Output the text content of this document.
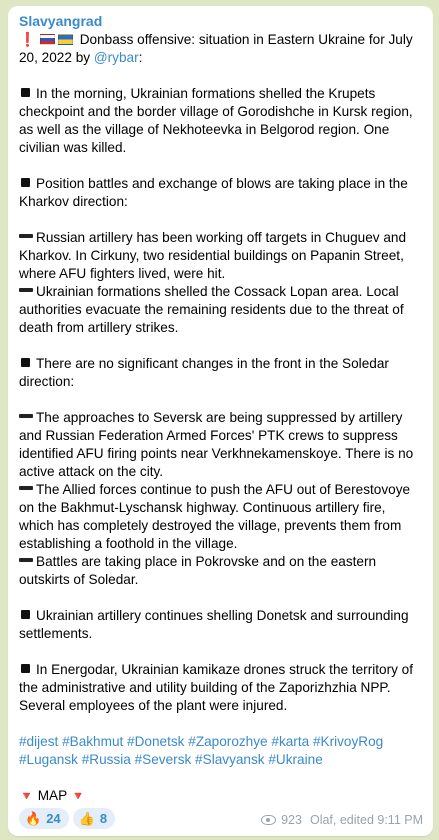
Slavyangrad
❗	Donbass offensive: situation in Eastern Ukraine for July 20, 2022 by @rybar:
In the morning, Ukrainian formations shelled the Krupets checkpoint and the border village of Gorodishche in Kursk region, as well as the village of Nekhoteevka in Belgorod region. One civilian was killed.
Position battles and exchange of blows are taking place in the Kharkov direction:
Russian artillery has been working off targets in Chuguev and Kharkov. In Cirkuny, two residential buildings on Papanin Street, where AFU fighters lived, were hit.
Ukrainian formations shelled the Cossack Lopan area. Local authorities evacuate the remaining residents due to the threat of death from artillery strikes.
There are no significant changes in the front in the Soledar direction:
The approaches to Seversk are being suppressed by artillery and Russian Federation Armed Forces' PTK crews to suppress identified AFU firing points near Verkhnekamenskoye. There is no active attack on the city.
The Allied forces continue to push the AFU out of Berestovoye on the Bakhmut-Lyschansk highway. Continuous artillery fire, which has completely destroyed the village, prevents them from establishing a foothold in the village.
Battles are taking place in Pokrovske and on the eastern outskirts of Soledar.
Ukrainian artillery continues shelling Donetsk and surrounding settlements.
In Energodar, Ukrainian kamikaze drones struck the territory of the administrative and utility building of the Zaporizhzhia NPP. Several employees of the plant were injured.
#dijest #Bakhmut #Donetsk #Zaporozhye #karta #KrivoyRog #Lugansk #Russia #Seversk #Slavyansk #Ukraine
🔻 MAP 🔻
🔥 24 👍 8	923 Olaf, edited 9:11 PM
